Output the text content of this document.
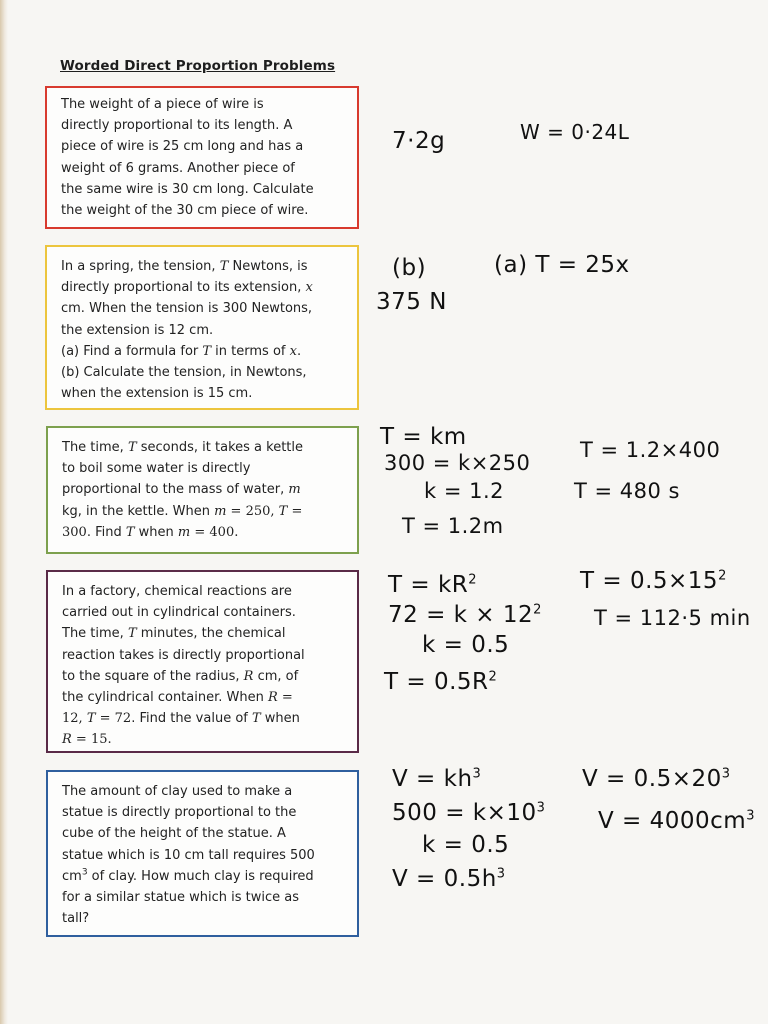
Worded Direct Proportion Problems
The weight of a piece of wire is
directly proportional to its length. A
piece of wire is 25 cm long and has a
weight of 6 grams. Another piece of
the same wire is 30 cm long. Calculate
the weight of the 30 cm piece of wire.
In a spring, the tension, T Newtons, is
directly proportional to its extension, x
cm. When the tension is 300 Newtons,
the extension is 12 cm.
(a) Find a formula for T in terms of x.
(b) Calculate the tension, in Newtons,
when the extension is 15 cm.
The time, T seconds, it takes a kettle
to boil some water is directly
proportional to the mass of water, m
kg, in the kettle. When m = 250, T =
300. Find T when m = 400.
In a factory, chemical reactions are
carried out in cylindrical containers.
The time, T minutes, the chemical
reaction takes is directly proportional
to the square of the radius, R cm, of
the cylindrical container. When R =
12, T = 72. Find the value of T when
R = 15.
The amount of clay used to make a
statue is directly proportional to the
cube of the height of the statue. A
statue which is 10 cm tall requires 500
$cm^3$ of clay. How much clay is required
for a similar statue which is twice as
tall?
7·2g	W = 0·24L
(b)	(a) T = 25x
375 N
T = km
300 = k×250
k = 1.2
T = 1.2m
T = 1.2×400
T = 480 s
$T = kR^2$
$72 = k \times 12^2$
k = 0.5
$T = 0.5R^2$
$T = 0.5\times 15^2$
T = 112·5 min
$V = kh^3$
$500 = k\times 10^3$
k = 0.5
$V = 0.5h^3$
$V = 0.5\times 20^3$
$V = 4000cm^3$
